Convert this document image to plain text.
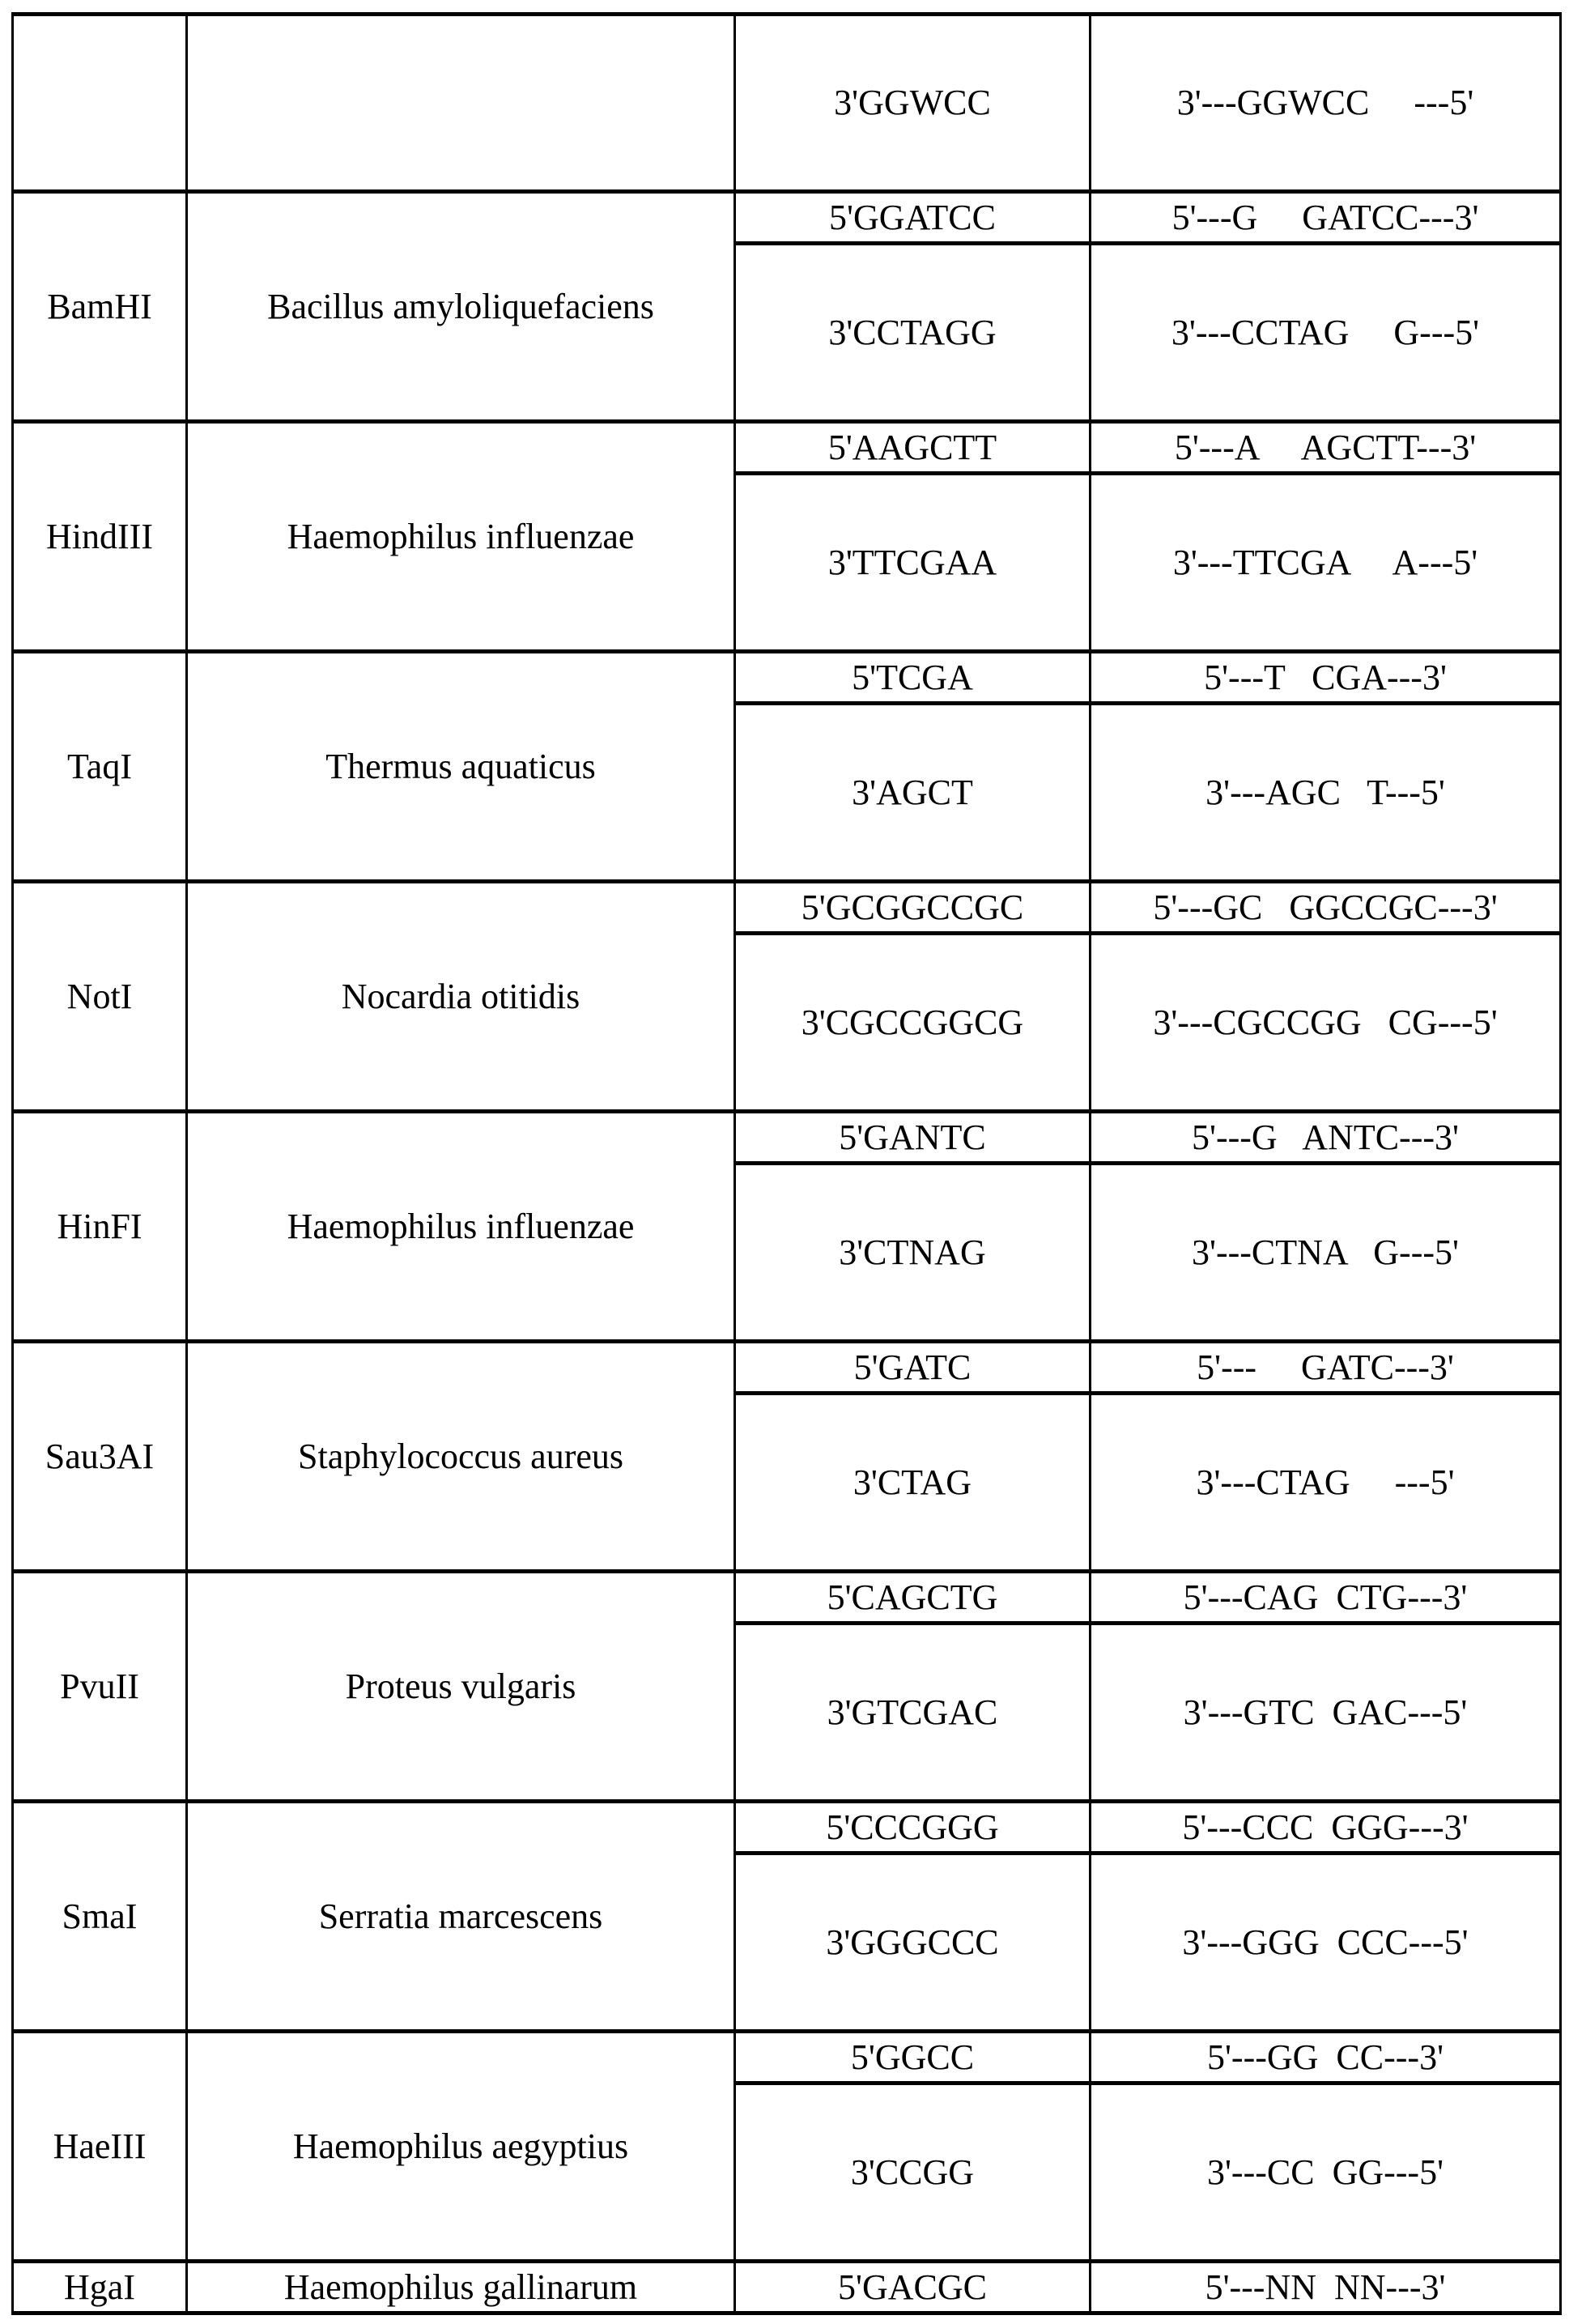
		3'GGWCC	3'---GGWCC     ---5'
BamHI	Bacillus amyloliquefaciens	5'GGATCC	5'---G     GATCC---3'
		3'CCTAGG	3'---CCTAG     G---5'
HindIII	Haemophilus influenzae	5'AAGCTT	5'---A     AGCTT---3'
		3'TTCGAA	3'---TTCGA     A---5'
TaqI	Thermus aquaticus	5'TCGA	5'---T   CGA---3'
		3'AGCT	3'---AGC   T---5'
NotI	Nocardia otitidis	5'GCGGCCGC	5'---GC   GGCCGC---3'
		3'CGCCGGCG	3'---CGCCGG   CG---5'
HinFI	Haemophilus influenzae	5'GANTC	5'---G   ANTC---3'
		3'CTNAG	3'---CTNA   G---5'
Sau3AI	Staphylococcus aureus	5'GATC	5'---     GATC---3'
		3'CTAG	3'---CTAG     ---5'
PvuII	Proteus vulgaris	5'CAGCTG	5'---CAG  CTG---3'
		3'GTCGAC	3'---GTC  GAC---5'
SmaI	Serratia marcescens	5'CCCGGG	5'---CCC  GGG---3'
		3'GGGCCC	3'---GGG  CCC---5'
HaeIII	Haemophilus aegyptius	5'GGCC	5'---GG  CC---3'
		3'CCGG	3'---CC  GG---5'
HgaI	Haemophilus gallinarum	5'GACGC	5'---NN  NN---3'
